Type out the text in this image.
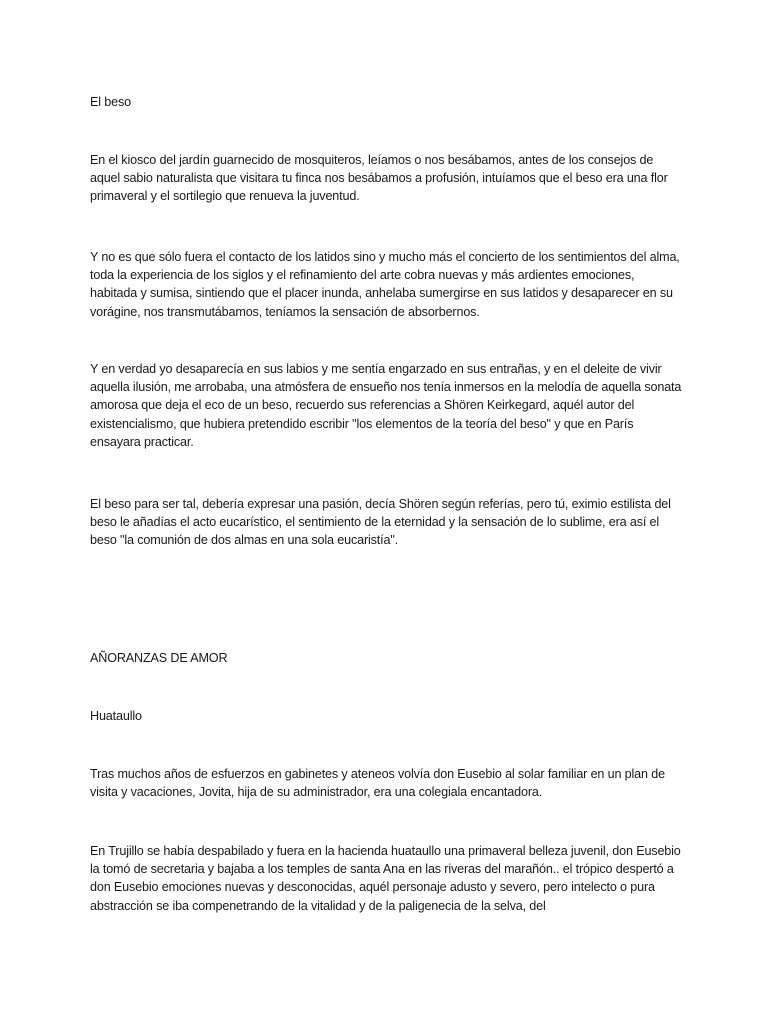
El beso

En el kiosco del jardín guarnecido de mosquiteros, leíamos o nos besábamos, antes de los consejos de aquel sabio naturalista que visitara tu finca nos besábamos a profusión, intuíamos que el beso era una flor primaveral y el sortilegio que renueva la juventud.

Y no es que sólo fuera el contacto de los latidos sino y mucho más el concierto de los sentimientos del alma, toda la experiencia de los siglos y el refinamiento del arte cobra nuevas y más ardientes emociones, habitada y sumisa, sintiendo que el placer inunda, anhelaba sumergirse en sus latidos y desaparecer en su vorágine, nos transmutábamos, teníamos la sensación de absorbernos.

Y en verdad yo desaparecía en sus labios y me sentía engarzado en sus entrañas, y en el deleite de vivir aquella ilusión, me arrobaba, una atmósfera de ensueño nos tenía inmersos en la melodía de aquella sonata amorosa que deja el eco de un beso, recuerdo sus referencias a Shören Keirkegard, aquél autor del existencialismo, que hubiera pretendido escribir "los elementos de la teoría del beso" y que en París ensayara practicar.

El beso para ser tal, debería expresar una pasión, decía Shören según referías, pero tú, eximio estilista del beso le añadías el acto eucarístico, el sentimiento de la eternidad y la sensación de lo sublime, era así el beso "la comunión de dos almas en una sola eucaristía".

AÑORANZAS DE AMOR

Huataullo

Tras muchos años de esfuerzos en gabinetes y ateneos volvía don Eusebio al solar familiar en un plan de visita y vacaciones, Jovita, hija de su administrador, era una colegiala encantadora.

En Trujillo se había despabilado y fuera en la hacienda huataullo una primaveral belleza juvenil, don Eusebio la tomó de secretaria y bajaba a los temples de santa Ana en las riveras del marañón.. el trópico despertó a don Eusebio emociones nuevas y desconocidas, aquél personaje adusto y severo, pero intelecto o pura abstracción se iba compenetrando de la vitalidad y de la paligenecia de la selva, del
